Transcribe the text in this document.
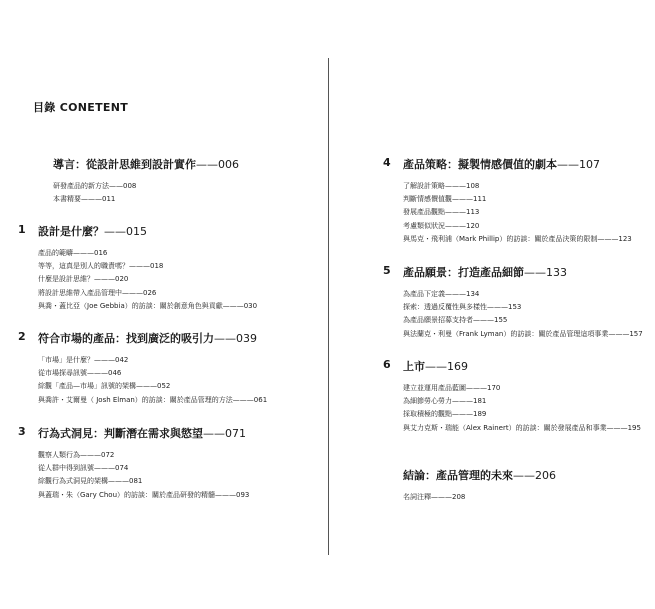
目錄 CONETENT
導言：從設計思維到設計實作——006
研發產品的新方法——008
本書精要———011
1 設計是什麼？——015
產品的範疇———016
等等，這真是別人的職責嗎？———018
什麼是設計思維？———020
將設計思維帶入產品管理中———026
與喬・蓋比亞（Joe Gebbia）的訪談：關於創意角色與貢獻———030
2 符合市場的產品：找到廣泛的吸引力——039
「市場」是什麼？———042
從市場探尋訊號———046
綜觀「產品—市場」訊號的架構———052
與喬許・艾爾曼（ Josh Elman）的訪談：關於產品管理的方法———061
3 行為式洞見：判斷潛在需求與慾望——071
觀察人類行為———072
從人群中得到訊號———074
綜觀行為式洞見的架構———081
與蓋瑞・朱（Gary Chou）的訪談：關於產品研發的精髓———093
4 產品策略：擬製情感價值的劇本——107
了解設計策略———108
判斷情感價值觀———111
發展產品觀點———113
考慮類似狀況———120
與馬克・飛利浦（Mark Phillip）的訪談：關於產品決策的限制———123
5 產品願景：打造產品細節——133
為產品下定義———134
探索：透過反覆性與多樣性———153
為產品願景招募支持者———155
與法蘭克・利曼（Frank Lyman）的訪談：關於產品管理這項事業———157
6 上市——169
建立並運用產品藍圖———170
為細節勞心勞力———181
採取積極的觀點———189
與艾力克斯・瑞能（Alex Rainert）的訪談：關於發展產品和事業———195
結論：產品管理的未來——206
名詞注釋———208
